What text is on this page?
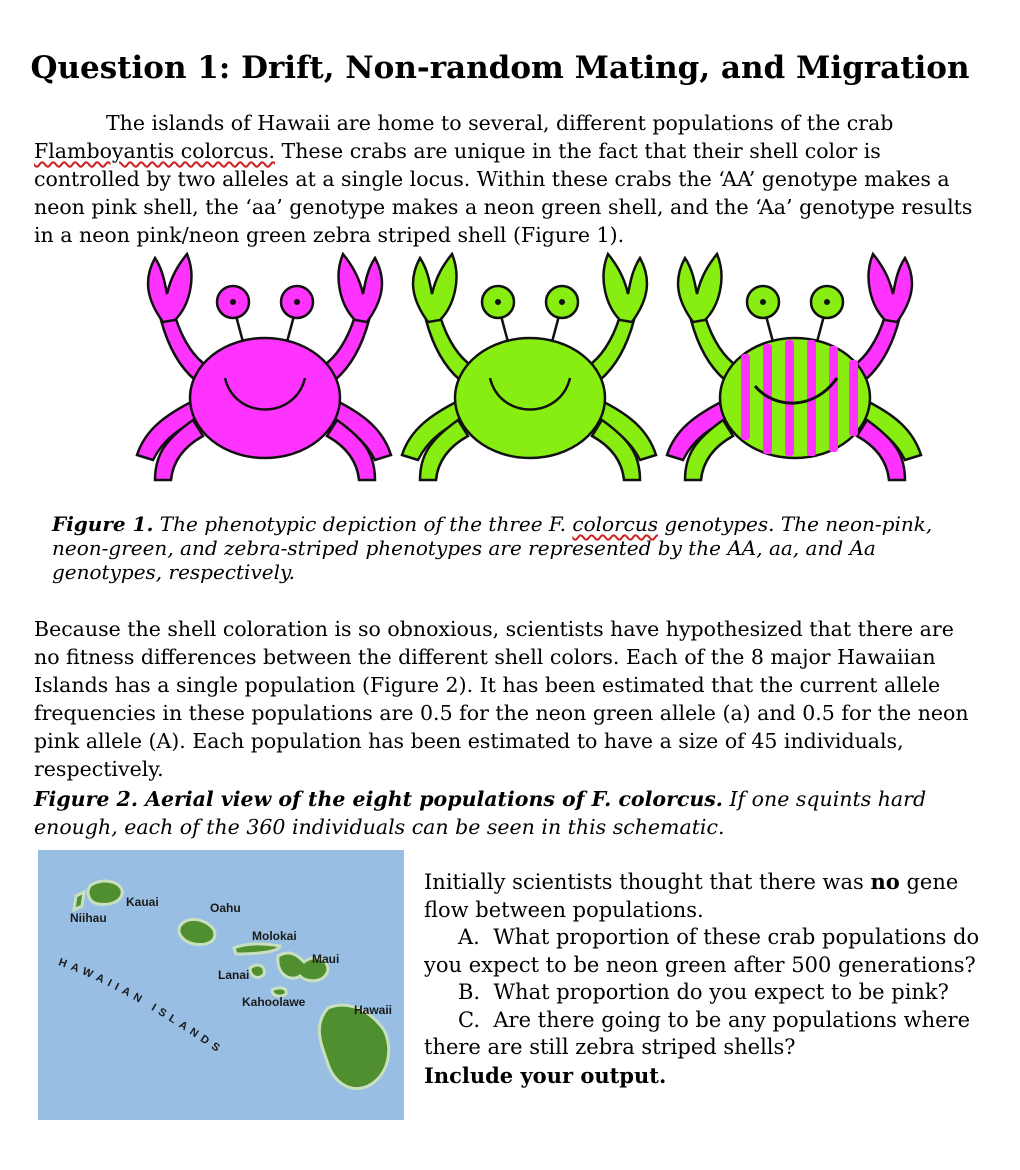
Question 1: Drift, Non-random Mating, and Migration
The islands of Hawaii are home to several, different populations of the crab Flamboyantis colorcus. These crabs are unique in the fact that their shell color is controlled by two alleles at a single locus. Within these crabs the ‘AA’ genotype makes a neon pink shell, the ‘aa’ genotype makes a neon green shell, and the ‘Aa’ genotype results in a neon pink/neon green zebra striped shell (Figure 1).
Figure 1. The phenotypic depiction of the three F. colorcus genotypes. The neon-pink, neon-green, and zebra-striped phenotypes are represented by the AA, aa, and Aa genotypes, respectively.
Because the shell coloration is so obnoxious, scientists have hypothesized that there are no fitness differences between the different shell colors. Each of the 8 major Hawaiian Islands has a single population (Figure 2). It has been estimated that the current allele frequencies in these populations are 0.5 for the neon green allele (a) and 0.5 for the neon pink allele (A). Each population has been estimated to have a size of 45 individuals, respectively.
Figure 2. Aerial view of the eight populations of F. colorcus. If one squints hard enough, each of the 360 individuals can be seen in this schematic.
Kauai
Niihau
Oahu
Molokai
Maui
Lanai
Kahoolawe
Hawaii
HAWAIIAN ISLANDS
Initially scientists thought that there was no gene flow between populations.
A. What proportion of these crab populations do
you expect to be neon green after 500 generations?
B. What proportion do you expect to be pink?
C. Are there going to be any populations where
there are still zebra striped shells?
Include your output.
